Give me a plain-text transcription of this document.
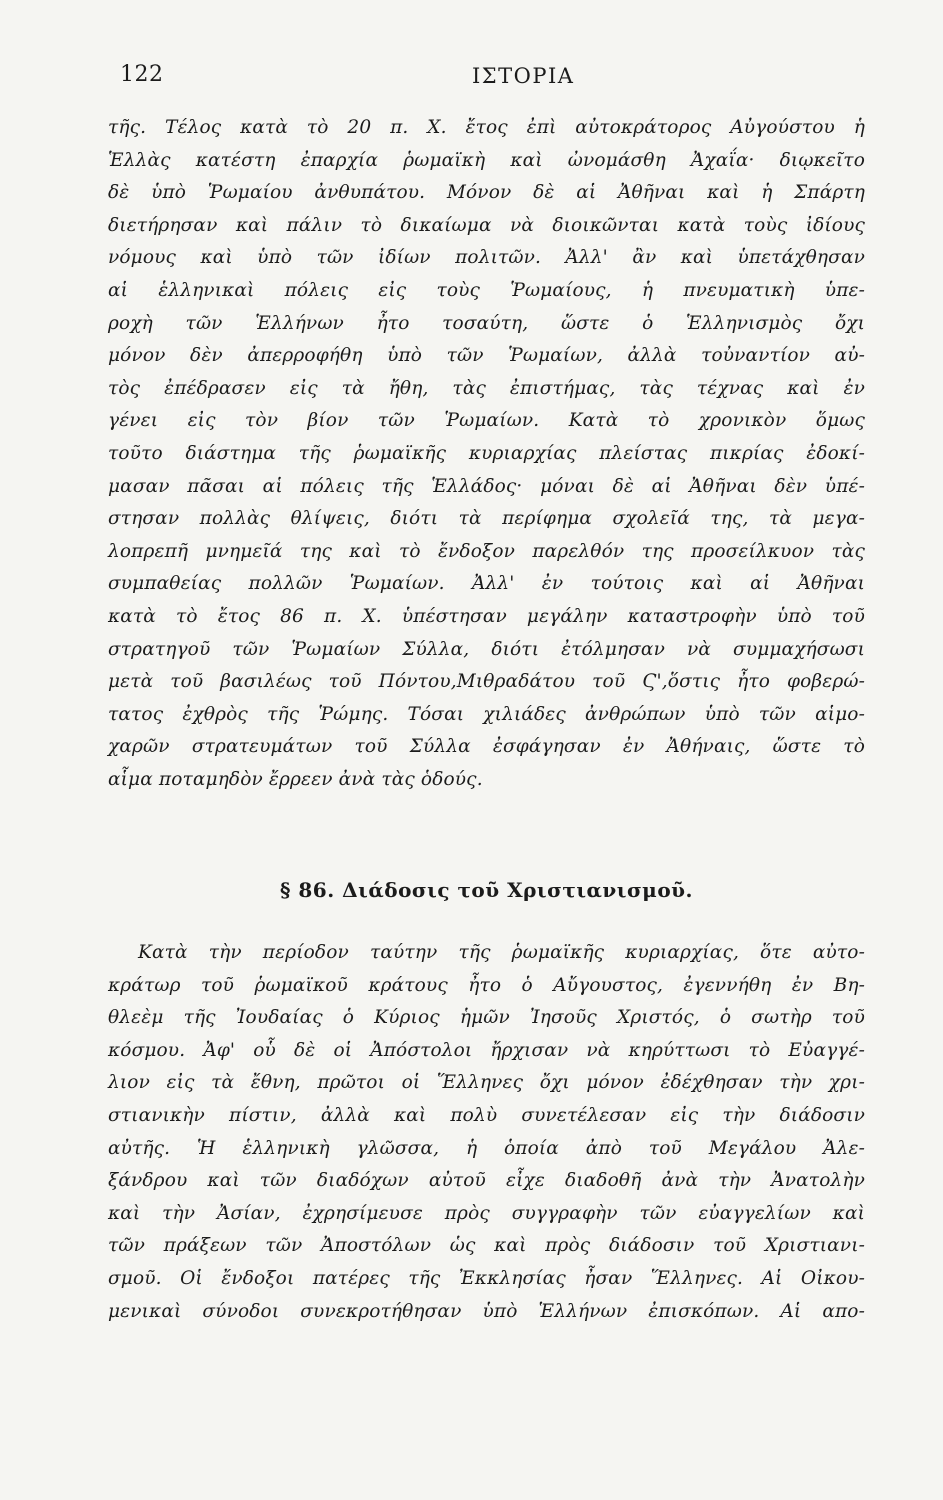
122	ΙΣΤΟΡΙΑ
τῆς. Τέλος κατὰ τὸ 20 π. Χ. ἔτος ἐπὶ αὐτοκράτορος Αὐγούστου ἡ
Ἑλλὰς κατέστη ἐπαρχία ῥωμαϊκὴ καὶ ὠνομάσθη Ἀχαΐα· διῳκεῖτο
δὲ ὑπὸ Ῥωμαίου ἀνθυπάτου. Μόνον δὲ αἱ Ἀθῆναι καὶ ἡ Σπάρτη
διετήρησαν καὶ πάλιν τὸ δικαίωμα νὰ διοικῶνται κατὰ τοὺς ἰδίους
νόμους καὶ ὑπὸ τῶν ἰδίων πολιτῶν. Ἀλλ' ἂν καὶ ὑπετάχθησαν
αἱ ἑλληνικαὶ πόλεις εἰς τοὺς Ῥωμαίους, ἡ πνευματικὴ ὑπε-
ροχὴ τῶν Ἑλλήνων ἦτο τοσαύτη, ὥστε ὁ Ἑλληνισμὸς ὄχι
μόνον δὲν ἀπερροφήθη ὑπὸ τῶν Ῥωμαίων, ἀλλὰ τοὐναντίον αὐ-
τὸς ἐπέδρασεν εἰς τὰ ἤθη, τὰς ἐπιστήμας, τὰς τέχνας καὶ ἐν
γένει εἰς τὸν βίον τῶν Ῥωμαίων. Κατὰ τὸ χρονικὸν ὅμως
τοῦτο διάστημα τῆς ῥωμαϊκῆς κυριαρχίας πλείστας πικρίας ἐδοκί-
μασαν πᾶσαι αἱ πόλεις τῆς Ἑλλάδος· μόναι δὲ αἱ Ἀθῆναι δὲν ὑπέ-
στησαν πολλὰς θλίψεις, διότι τὰ περίφημα σχολεῖά της, τὰ μεγα-
λοπρεπῆ μνημεῖά της καὶ τὸ ἔνδοξον παρελθόν της προσείλκυον τὰς
συμπαθείας πολλῶν Ῥωμαίων. Ἀλλ' ἐν τούτοις καὶ αἱ Ἀθῆναι
κατὰ τὸ ἔτος 86 π. Χ. ὑπέστησαν μεγάλην καταστροφὴν ὑπὸ τοῦ
στρατηγοῦ τῶν Ῥωμαίων Σύλλα, διότι ἐτόλμησαν νὰ συμμαχήσωσι
μετὰ τοῦ βασιλέως τοῦ Πόντου,Μιθραδάτου τοῦ Ϛ',ὅστις ἦτο φοβερώ-
τατος ἐχθρὸς τῆς Ῥώμης. Τόσαι χιλιάδες ἀνθρώπων ὑπὸ τῶν αἱμο-
χαρῶν στρατευμάτων τοῦ Σύλλα ἐσφάγησαν ἐν Ἀθήναις, ὥστε τὸ
αἷμα ποταμηδὸν ἔρρεεν ἀνὰ τὰς ὁδούς.
§ 86. Διάδοσις τοῦ Χριστιανισμοῦ.
Κατὰ τὴν περίοδον ταύτην τῆς ῥωμαϊκῆς κυριαρχίας, ὅτε αὐτο-
κράτωρ τοῦ ῥωμαϊκοῦ κράτους ἦτο ὁ Αὔγουστος, ἐγεννήθη ἐν Βη-
θλεὲμ τῆς Ἰουδαίας ὁ Κύριος ἡμῶν Ἰησοῦς Χριστός, ὁ σωτὴρ τοῦ
κόσμου. Ἀφ' οὗ δὲ οἱ Ἀπόστολοι ἤρχισαν νὰ κηρύττωσι τὸ Εὐαγγέ-
λιον εἰς τὰ ἔθνη, πρῶτοι οἱ Ἕλληνες ὄχι μόνον ἐδέχθησαν τὴν χρι-
στιανικὴν πίστιν, ἀλλὰ καὶ πολὺ συνετέλεσαν εἰς τὴν διάδοσιν
αὐτῆς. Ἡ ἑλληνικὴ γλῶσσα, ἡ ὁποία ἀπὸ τοῦ Μεγάλου Ἀλε-
ξάνδρου καὶ τῶν διαδόχων αὐτοῦ εἶχε διαδοθῆ ἀνὰ τὴν Ἀνατολὴν
καὶ τὴν Ἀσίαν, ἐχρησίμευσε πρὸς συγγραφὴν τῶν εὐαγγελίων καὶ
τῶν πράξεων τῶν Ἀποστόλων ὡς καὶ πρὸς διάδοσιν τοῦ Χριστιανι-
σμοῦ. Οἱ ἔνδοξοι πατέρες τῆς Ἐκκλησίας ἦσαν Ἕλληνες. Αἱ Οἰκου-
μενικαὶ σύνοδοι συνεκροτήθησαν ὑπὸ Ἑλλήνων ἐπισκόπων. Αἱ απο-
